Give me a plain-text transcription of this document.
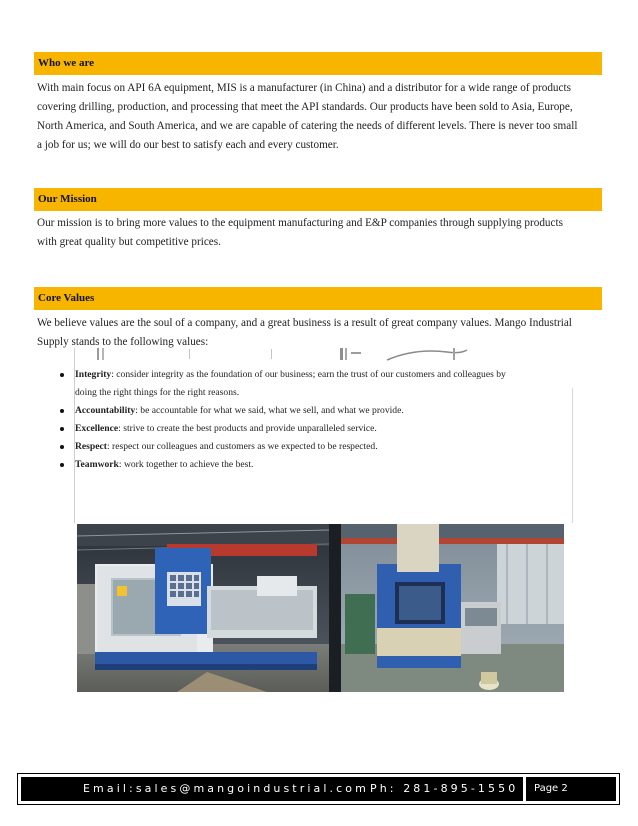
Who we are
With main focus on API 6A equipment, MIS is a manufacturer (in China) and a distributor for a wide range of products
covering drilling, production, and processing that meet the API standards. Our products have been sold to Asia, Europe,
North America, and South America, and we are capable of catering the needs of different levels. There is never too small
a job for us; we will do our best to satisfy each and every customer.
Our Mission
Our mission is to bring more values to the equipment manufacturing and E&P companies through supplying products
with great quality but competitive prices.
Core Values
We believe values are the soul of a company, and a great business is a result of great company values. Mango Industrial
Supply stands to the following values:
Integrity: consider integrity as the foundation of our business; earn the trust of our customers and colleagues by
doing the right things for the right reasons.
Accountability: be accountable for what we said, what we sell, and what we provide.
Excellence: strive to create the best products and provide unparalleled service.
Respect: respect our colleagues and customers as we expected to be respected.
Teamwork: work together to achieve the best.
Email:sales@mangoindustrial.com Ph: 281-895-1550 Page 2
